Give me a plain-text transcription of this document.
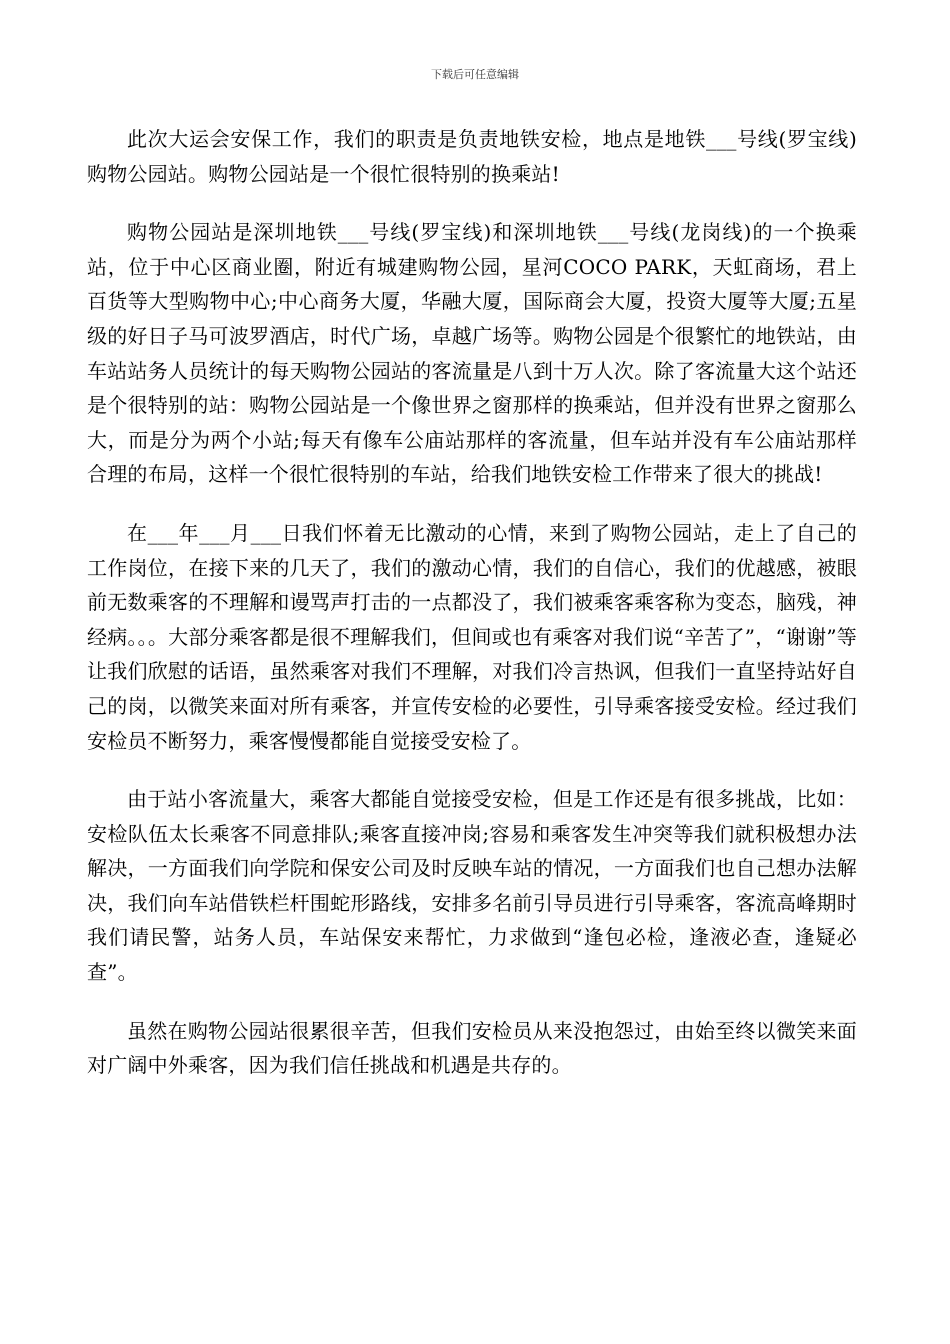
下载后可任意编辑

此次大运会安保工作，我们的职责是负责地铁安检，地点是地铁___号线(罗宝线)购物公园站。购物公园站是一个很忙很特别的换乘站!

购物公园站是深圳地铁___号线(罗宝线)和深圳地铁___号线(龙岗线)的一个换乘站，位于中心区商业圈，附近有城建购物公园，星河COCO PARK，天虹商场，君上百货等大型购物中心;中心商务大厦，华融大厦，国际商会大厦，投资大厦等大厦;五星级的好日子马可波罗酒店，时代广场，卓越广场等。购物公园是个很繁忙的地铁站，由车站站务人员统计的每天购物公园站的客流量是八到十万人次。除了客流量大这个站还是个很特别的站：购物公园站是一个像世界之窗那样的换乘站，但并没有世界之窗那么大，而是分为两个小站;每天有像车公庙站那样的客流量，但车站并没有车公庙站那样合理的布局，这样一个很忙很特别的车站，给我们地铁安检工作带来了很大的挑战!

在___年___月___日我们怀着无比激动的心情，来到了购物公园站，走上了自己的工作岗位，在接下来的几天了，我们的激动心情，我们的自信心，我们的优越感，被眼前无数乘客的不理解和谩骂声打击的一点都没了，我们被乘客乘客称为变态，脑残，神经病。。。大部分乘客都是很不理解我们，但间或也有乘客对我们说“辛苦了”，“谢谢”等让我们欣慰的话语，虽然乘客对我们不理解，对我们冷言热讽，但我们一直坚持站好自己的岗，以微笑来面对所有乘客，并宣传安检的必要性，引导乘客接受安检。经过我们安检员不断努力，乘客慢慢都能自觉接受安检了。

由于站小客流量大，乘客大都能自觉接受安检，但是工作还是有很多挑战，比如：安检队伍太长乘客不同意排队;乘客直接冲岗;容易和乘客发生冲突等我们就积极想办法解决，一方面我们向学院和保安公司及时反映车站的情况，一方面我们也自己想办法解决，我们向车站借铁栏杆围蛇形路线，安排多名前引导员进行引导乘客，客流高峰期时我们请民警，站务人员，车站保安来帮忙，力求做到“逢包必检，逢液必查，逢疑必查”。

虽然在购物公园站很累很辛苦，但我们安检员从来没抱怨过，由始至终以微笑来面对广阔中外乘客，因为我们信任挑战和机遇是共存的。
